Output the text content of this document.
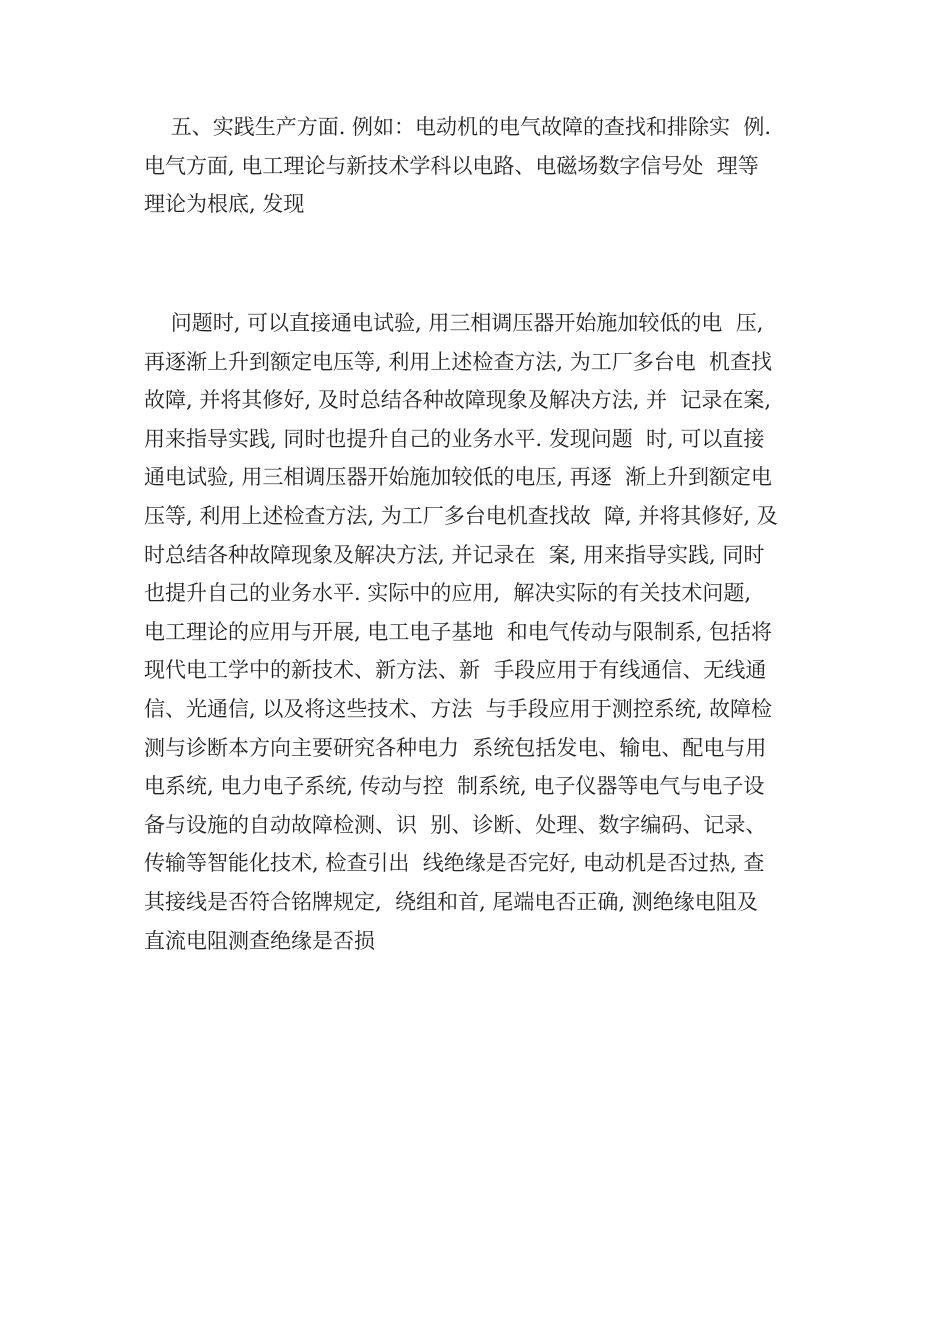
五、实践生产方面. 例如：电动机的电气故障的查找和排除实  例.
电气方面, 电工理论与新技术学科以电路、电磁场数字信号处  理等
理论为根底, 发现

问题时, 可以直接通电试验, 用三相调压器开始施加较低的电  压,
再逐渐上升到额定电压等, 利用上述检查方法, 为工厂多台电  机查找
故障, 并将其修好, 及时总结各种故障现象及解决方法, 并  记录在案,
用来指导实践, 同时也提升自己的业务水平. 发现问题  时, 可以直接
通电试验, 用三相调压器开始施加较低的电压, 再逐  渐上升到额定电
压等, 利用上述检查方法, 为工厂多台电机查找故  障, 并将其修好, 及
时总结各种故障现象及解决方法, 并记录在  案, 用来指导实践, 同时
也提升自己的业务水平. 实际中的应用,  解决实际的有关技术问题,
电工理论的应用与开展, 电工电子基地  和电气传动与限制系, 包括将
现代电工学中的新技术、新方法、新  手段应用于有线通信、无线通
信、光通信, 以及将这些技术、方法  与手段应用于测控系统, 故障检
测与诊断本方向主要研究各种电力  系统包括发电、输电、配电与用
电系统, 电力电子系统, 传动与控  制系统, 电子仪器等电气与电子设
备与设施的自动故障检测、识  别、诊断、处理、数字编码、记录、
传输等智能化技术, 检查引出  线绝缘是否完好, 电动机是否过热, 查
其接线是否符合铭牌规定,  绕组和首, 尾端电否正确, 测绝缘电阻及
直流电阻测查绝缘是否损
